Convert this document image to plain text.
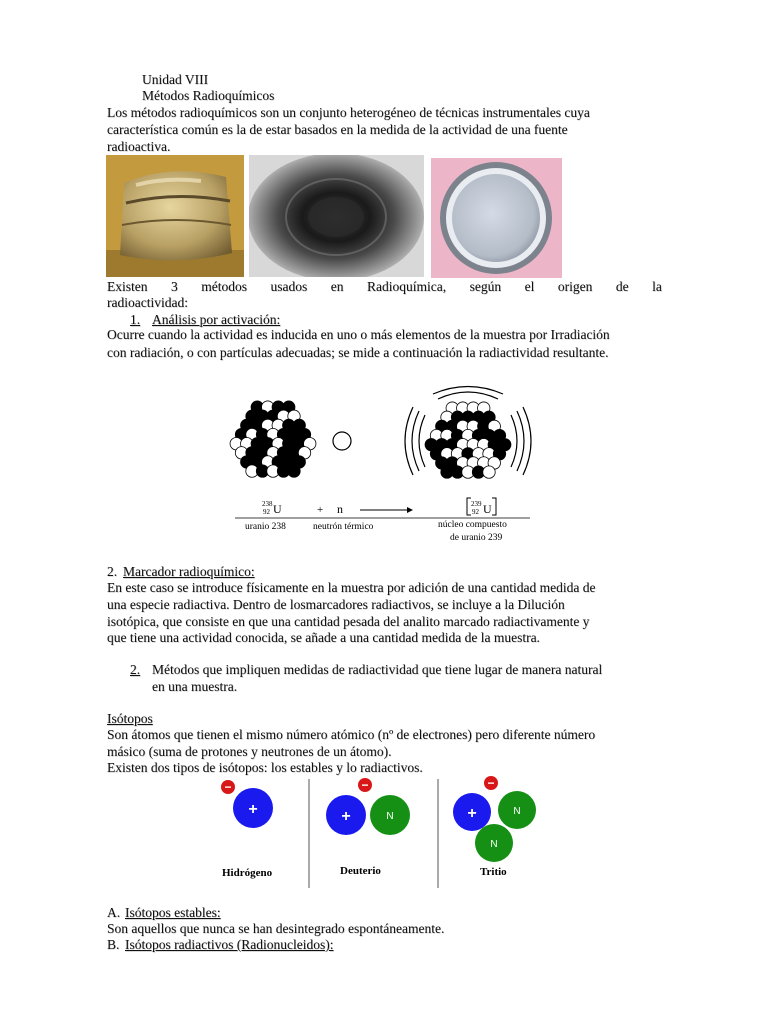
Unidad VIII
Métodos Radioquímicos
Los métodos radioquímicos son un conjunto heterogéneo de técnicas instrumentales cuya
característica común es la de estar basados en la medida de la actividad de una fuente
radioactiva.
Existen 3 métodos usados en Radioquímica, según el origen de la
radioactividad:
1. Análisis por activación:
Ocurre cuando la actividad es inducida en uno o más elementos de la muestra por Irradiación
con radiación, o con partículas adecuadas; se mide a continuación la radiactividad resultante.
238
92 U	+ n	239
92 U
uranio 238	neutrón térmico	núcleo compuesto
de uranio 239
2. Marcador radioquímico:
En este caso se introduce físicamente en la muestra por adición de una cantidad medida de
una especie radiactiva. Dentro de losmarcadores radiactivos, se incluye a la Dilución
isotópica, que consiste en que una cantidad pesada del analito marcado radiactivamente y
que tiene una actividad conocida, se añade a una cantidad medida de la muestra.
2. Métodos que impliquen medidas de radiactividad que tiene lugar de manera natural
en una muestra.
Isótopos
Son átomos que tienen el mismo número atómico (nº de electrones) pero diferente número
másico (suma de protones y neutrones de un átomo).
Existen dos tipos de isótopos: los estables y lo radiactivos.
−
+
Hidrógeno
−
+	N
Deuterio
−
+	N
N
Tritio
A. Isótopos estables:
Son aquellos que nunca se han desintegrado espontáneamente.
B. Isótopos radiactivos (Radionucleidos):
